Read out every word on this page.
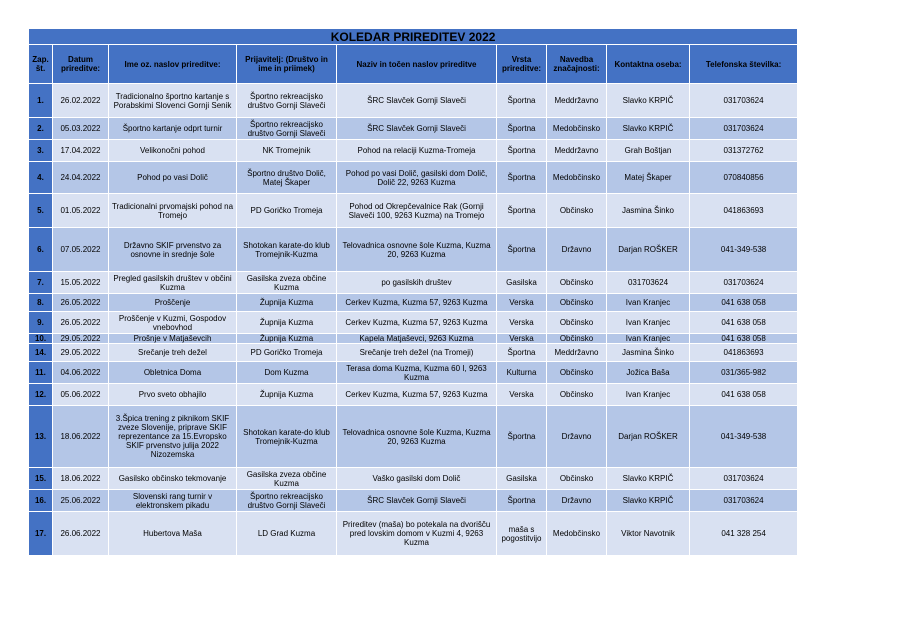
KOLEDAR PRIREDITEV 2022								
Zap. št.	Datum prireditve:	Ime oz. naslov prireditve:	Prijavitelj: (Društvo in ime in priimek)	Naziv in točen naslov prireditve	Vrsta prireditve:	Navedba značajnosti:	Kontaktna oseba:	Telefonska številka:
1.	26.02.2022	Tradicionalno športno kartanje s Porabskimi Slovenci Gornji Senik	Športno rekreacijsko društvo Gornji Slaveči	ŠRC Slavček Gornji Slaveči	Športna	Meddržavno	Slavko KRPIČ	031703624
2.	05.03.2022	Športno kartanje odprt turnir	Športno rekreacijsko društvo Gornji Slaveči	ŠRC Slavček Gornji Slaveči	Športna	Medobčinsko	Slavko KRPIČ	031703624
3.	17.04.2022	Velikonočni pohod	NK Tromejnik	Pohod na relaciji Kuzma-Tromeja	Športna	Meddržavno	Grah Boštjan	031372762
4.	24.04.2022	Pohod po vasi Dolič	Športno društvo Dolič, Matej Škaper	Pohod po vasi Dolič, gasilski dom Dolič, Dolič 22, 9263 Kuzma	Športna	Medobčinsko	Matej Škaper	070840856
5.	01.05.2022	Tradicionalni prvomajski pohod na Tromejo	PD Goričko Tromeja	Pohod od Okrepčevalnice Rak (Gornji Slaveči 100, 9263 Kuzma) na Tromejo	Športna	Občinsko	Jasmina Šinko	041863693
6.	07.05.2022	Državno SKIF prvenstvo za osnovne in srednje šole	Shotokan karate-do klub Tromejnik-Kuzma	Telovadnica osnovne šole Kuzma, Kuzma 20, 9263 Kuzma	Športna	Državno	Darjan ROŠKER	041-349-538
7.	15.05.2022	Pregled gasilskih društev v občini Kuzma	Gasilska zveza občine Kuzma	po gasilskih društev	Gasilska	Občinsko	031703624	031703624
8.	26.05.2022	Proščenje	Župnija Kuzma	Cerkev Kuzma, Kuzma 57, 9263 Kuzma	Verska	Občinsko	Ivan Kranjec	041 638 058
9.	26.05.2022	Proščenje v Kuzmi, Gospodov vnebovhod	Župnija Kuzma	Cerkev Kuzma, Kuzma 57, 9263 Kuzma	Verska	Občinsko	Ivan Kranjec	041 638 058
10.	29.05.2022	Prošnje v Matjaševcih	Župnija Kuzma	Kapela Matjaševci, 9263 Kuzma	Verska	Občinsko	Ivan Kranjec	041 638 058
14.	29.05.2022	Srečanje treh dežel	PD Goričko Tromeja	Srečanje treh dežel (na Tromeji)	Športna	Meddržavno	Jasmina Šinko	041863693
11.	04.06.2022	Obletnica Doma	Dom Kuzma	Terasa doma Kuzma, Kuzma 60 I, 9263 Kuzma	Kulturna	Občinsko	Jožica Baša	031/365-982
12.	05.06.2022	Prvo sveto obhajilo	Župnija Kuzma	Cerkev Kuzma, Kuzma 57, 9263 Kuzma	Verska	Občinsko	Ivan Kranjec	041 638 058
13.	18.06.2022	3.Špica trening z piknikom SKIF zveze Slovenije, priprave SKIF reprezentance za 15.Evropsko SKIF prvenstvo julija 2022 Nizozemska	Shotokan karate-do klub Tromejnik-Kuzma	Telovadnica osnovne šole Kuzma, Kuzma 20, 9263 Kuzma	Športna	Državno	Darjan ROŠKER	041-349-538
15.	18.06.2022	Gasilsko občinsko tekmovanje	Gasilska zveza občine Kuzma	Vaško gasilski dom Dolič	Gasilska	Občinsko	Slavko KRPIČ	031703624
16.	25.06.2022	Slovenski rang turnir v elektronskem pikadu	Športno rekreacijsko društvo Gornji Slaveči	ŠRC Slavček Gornji Slaveči	Športna	Državno	Slavko KRPIČ	031703624
17.	26.06.2022	Hubertova Maša	LD Grad Kuzma	Prireditev (maša) bo potekala na dvorišču pred lovskim domom v Kuzmi 4, 9263 Kuzma	maša s pogostitvijo	Medobčinsko	Viktor Navotnik	041 328 254
